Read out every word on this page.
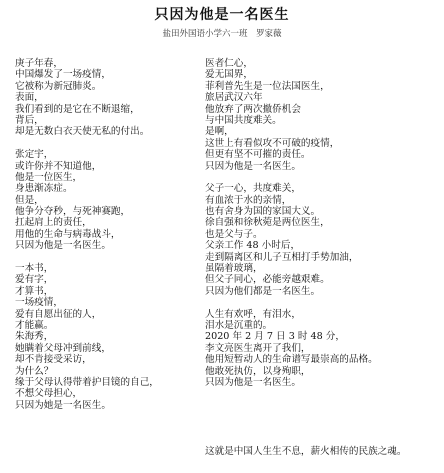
只因为他是一名医生
盐田外国语小学六一班　罗家薇
庚子年春，
中国爆发了一场疫情，
它被称为新冠肺炎。
表面，
我们看到的是它在不断退缩，
背后，
却是无数白衣天使无私的付出。
张定宇，
或许你并不知道他，
他是一位医生，
身患渐冻症。
但是，
他争分夺秒，与死神赛跑，
扛起肩上的责任，
用他的生命与病毒战斗，
只因为他是一名医生。
一本书，
爱有字，
才算书，
一场疫情，
爱有自愿出征的人，
才能赢。
朱海秀，
她瞒着父母冲到前线，
却不肯接受采访，
为什么？
缘于父母认得带着护目镜的自己，
不想父母担心，
只因为她是一名医生。
医者仁心，
爱无国界，
菲利普先生是一位法国医生，
旅居武汉六年
他放弃了两次撤侨机会
与中国共度难关。
是啊，
这世上有看似攻不可破的疫情，
但更有坚不可摧的责任。
只因为他是一名医生。
父子一心，共度难关，
有血浓于水的亲情，
也有舍身为国的家国大义。
徐自强和徐秋菀是两位医生，
也是父与子。
父亲工作 48 小时后，
走到隔离区和儿子互相打手势加油，
虽隔着玻璃，
但父子同心，必能旁越艰难。
只因为他们都是一名医生。
人生有欢呼，有泪水，
泪水是沉重的。
2020 年 2 月 7 日 3 时 48 分，
李文亮医生离开了我们，
他用短暂动人的生命谱写最崇高的品格。
他敢死执仿，以身殉职，
只因为他是一名医生。
这就是中国人生生不息，薪火相传的民族之魂。
